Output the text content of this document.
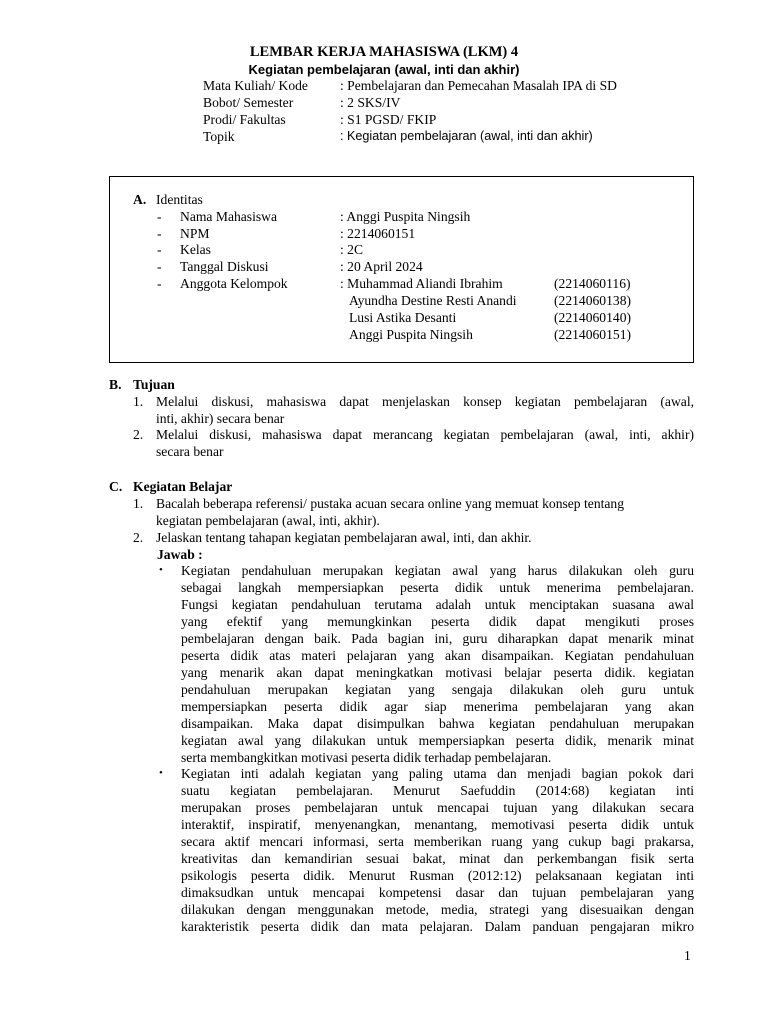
LEMBAR KERJA MAHASISWA (LKM) 4
Kegiatan pembelajaran (awal, inti dan akhir)
Mata Kuliah/ Kode : Pembelajaran dan Pemecahan Masalah IPA di SD
Bobot/ Semester	: 2 SKS/IV
Prodi/ Fakultas	: S1 PGSD/ FKIP
Topik	: Kegiatan pembelajaran (awal, inti dan akhir)
A. Identitas
- Nama Mahasiswa	: Anggi Puspita Ningsih
- NPM	: 2214060151
- Kelas	: 2C
- Tanggal Diskusi	: 20 April 2024
- Anggota Kelompok	: Muhammad Aliandi Ibrahim	(2214060116)
Ayundha Destine Resti Anandi	(2214060138)
Lusi Astika Desanti	(2214060140)
Anggi Puspita Ningsih	(2214060151)
B. Tujuan
1. Melalui diskusi, mahasiswa dapat menjelaskan konsep kegiatan pembelajaran (awal,
inti, akhir) secara benar
2. Melalui diskusi, mahasiswa dapat merancang kegiatan pembelajaran (awal, inti, akhir)
secara benar
C. Kegiatan Belajar
1. Bacalah beberapa referensi/ pustaka acuan secara online yang memuat konsep tentang
kegiatan pembelajaran (awal, inti, akhir).
2. Jelaskan tentang tahapan kegiatan pembelajaran awal, inti, dan akhir.
Jawab :
• Kegiatan pendahuluan merupakan kegiatan awal yang harus dilakukan oleh guru
sebagai langkah mempersiapkan peserta didik untuk menerima pembelajaran.
Fungsi kegiatan pendahuluan terutama adalah untuk menciptakan suasana awal
yang efektif yang memungkinkan peserta didik dapat mengikuti proses
pembelajaran dengan baik. Pada bagian ini, guru diharapkan dapat menarik minat
peserta didik atas materi pelajaran yang akan disampaikan. Kegiatan pendahuluan
yang menarik akan dapat meningkatkan motivasi belajar peserta didik. kegiatan
pendahuluan merupakan kegiatan yang sengaja dilakukan oleh guru untuk
mempersiapkan peserta didik agar siap menerima pembelajaran yang akan
disampaikan. Maka dapat disimpulkan bahwa kegiatan pendahuluan merupakan
kegiatan awal yang dilakukan untuk mempersiapkan peserta didik, menarik minat
serta membangkitkan motivasi peserta didik terhadap pembelajaran.
• Kegiatan inti adalah kegiatan yang paling utama dan menjadi bagian pokok dari
suatu kegiatan pembelajaran. Menurut Saefuddin (2014:68) kegiatan inti
merupakan proses pembelajaran untuk mencapai tujuan yang dilakukan secara
interaktif, inspiratif, menyenangkan, menantang, memotivasi peserta didik untuk
secara aktif mencari informasi, serta memberikan ruang yang cukup bagi prakarsa,
kreativitas dan kemandirian sesuai bakat, minat dan perkembangan fisik serta
psikologis peserta didik. Menurut Rusman (2012:12) pelaksanaan kegiatan inti
dimaksudkan untuk mencapai kompetensi dasar dan tujuan pembelajaran yang
dilakukan dengan menggunakan metode, media, strategi yang disesuaikan dengan
karakteristik peserta didik dan mata pelajaran. Dalam panduan pengajaran mikro
1
